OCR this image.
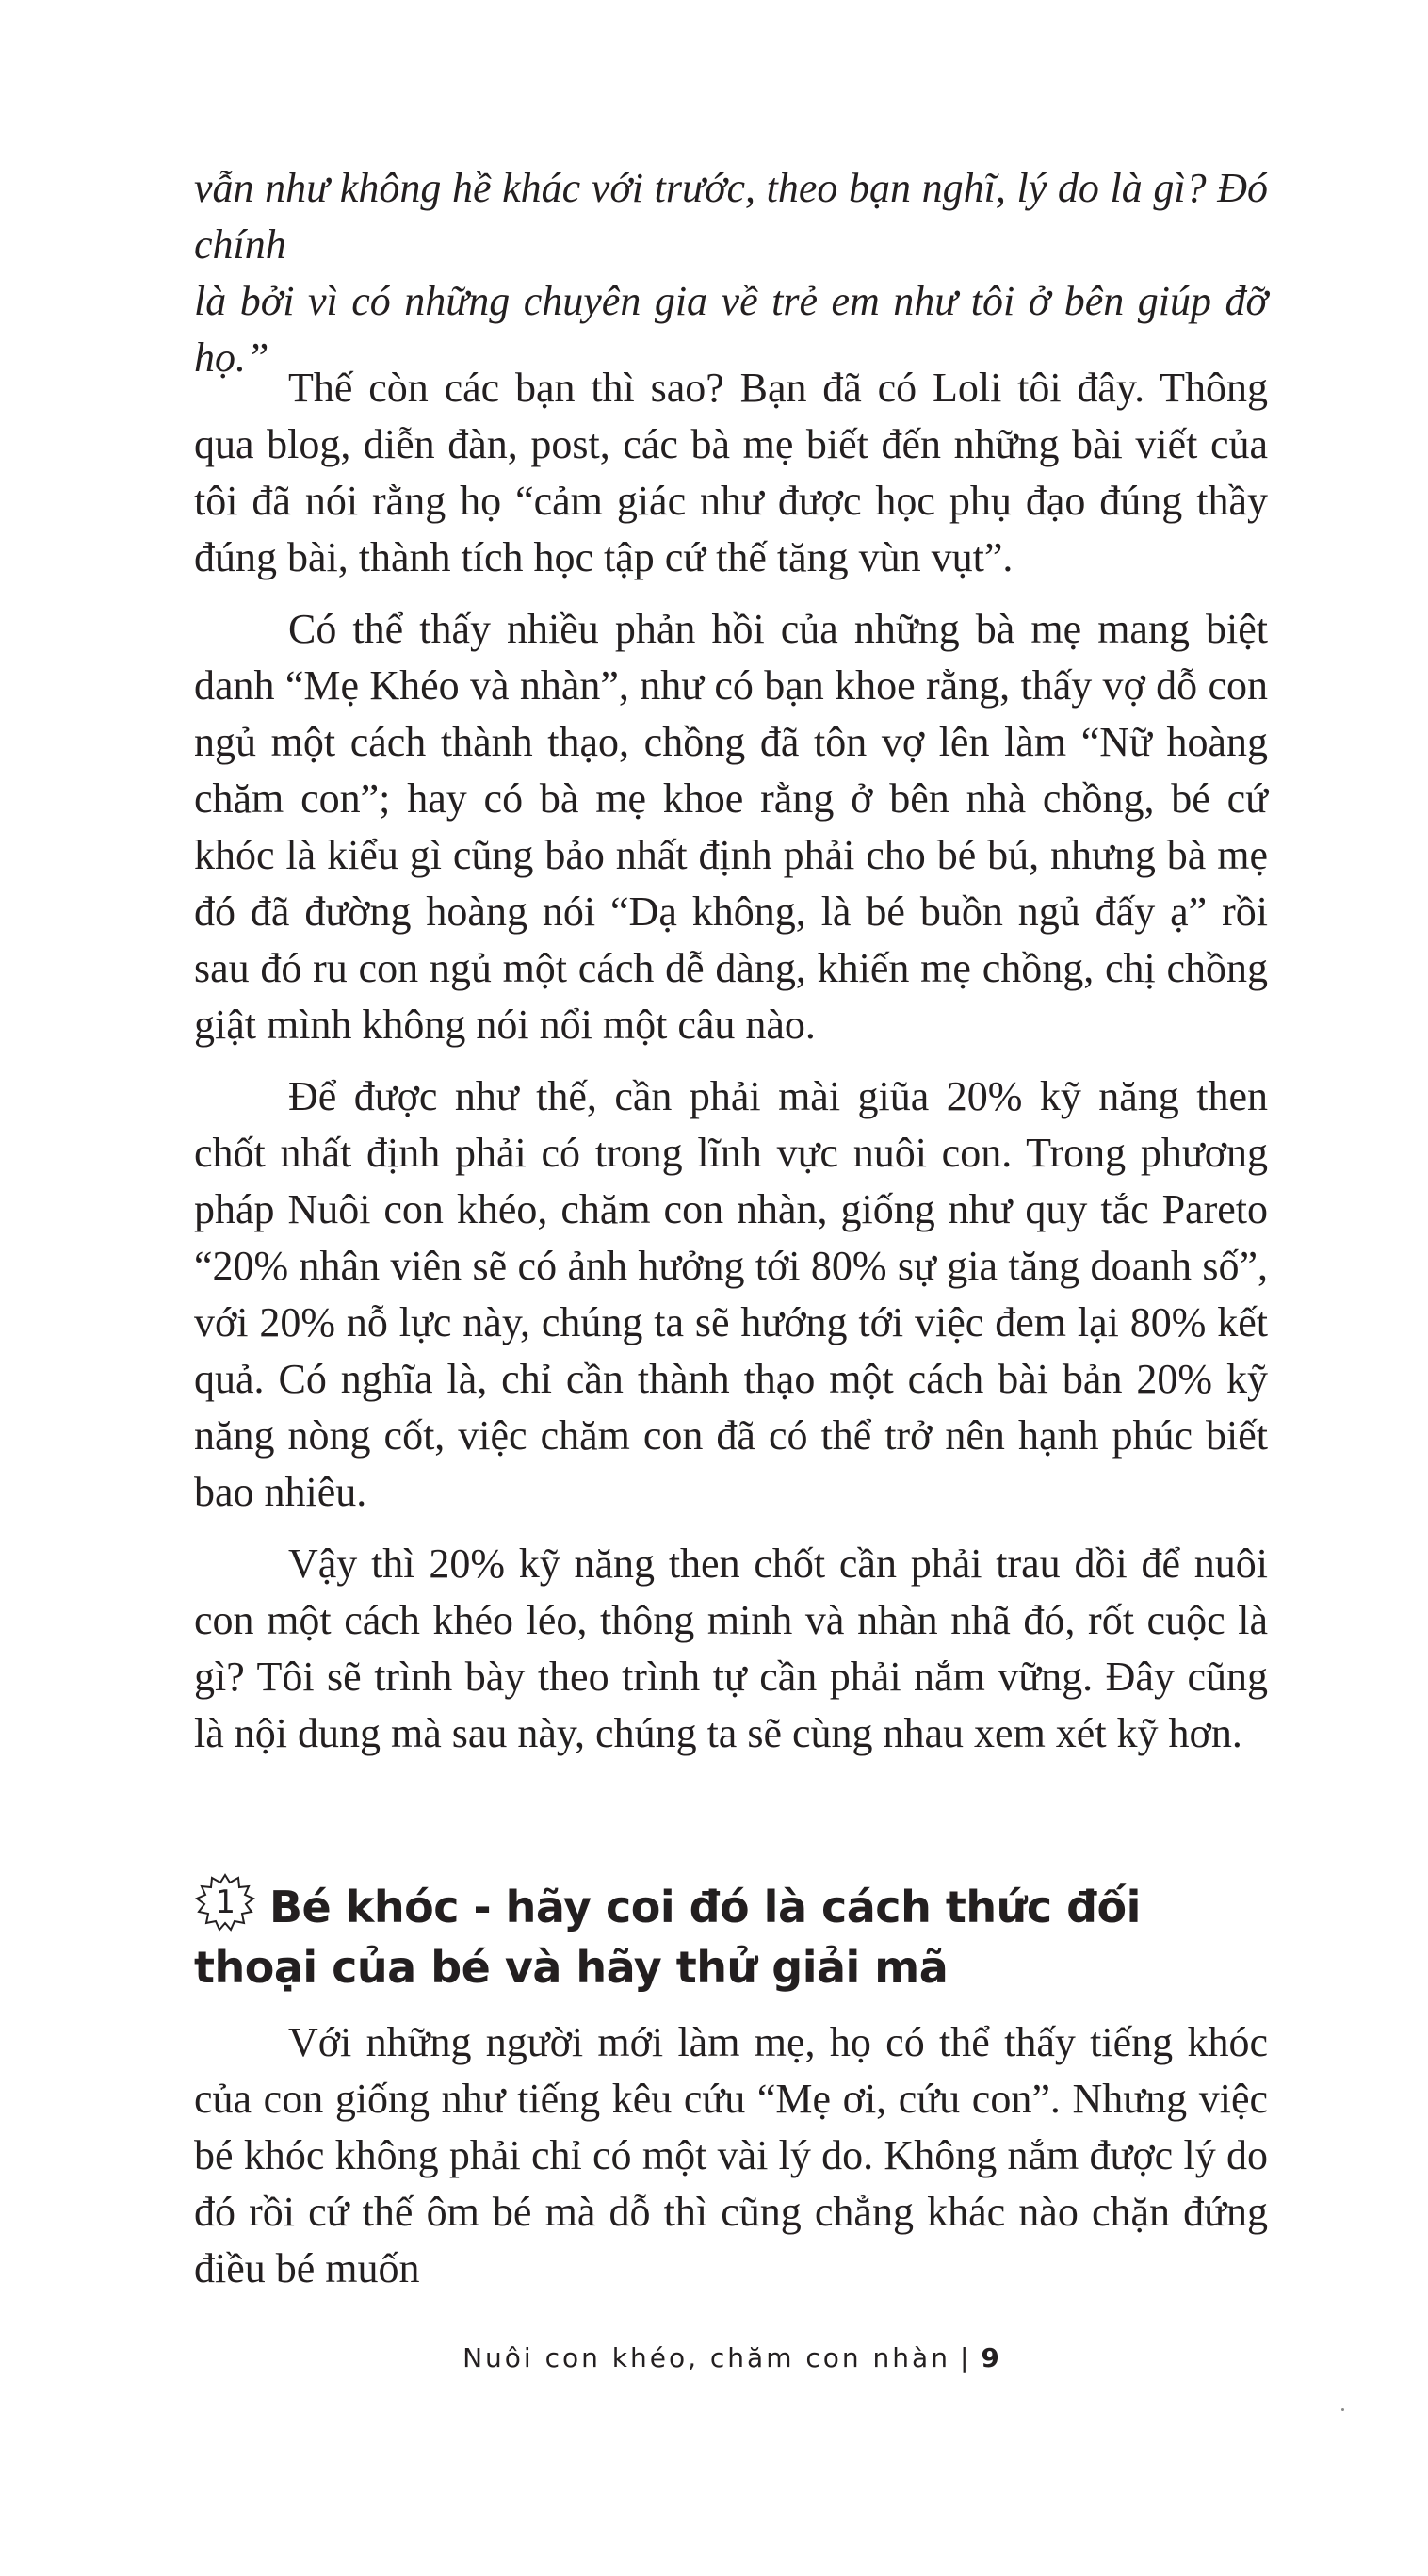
vẫn như không hề khác với trước, theo bạn nghĩ, lý do là gì? Đó chính

là bởi vì có những chuyên gia về trẻ em như tôi ở bên giúp đỡ họ.”

Thế còn các bạn thì sao? Bạn đã có Loli tôi đây. Thông qua blog, diễn đàn, post, các bà mẹ biết đến những bài viết của tôi đã nói rằng họ “cảm giác như được học phụ đạo đúng thầy đúng bài, thành tích học tập cứ thế tăng vùn vụt”.

Có thể thấy nhiều phản hồi của những bà mẹ mang biệt danh “Mẹ Khéo và nhàn”, như có bạn khoe rằng, thấy vợ dỗ con ngủ một cách thành thạo, chồng đã tôn vợ lên làm “Nữ hoàng chăm con”; hay có bà mẹ khoe rằng ở bên nhà chồng, bé cứ khóc là kiểu gì cũng bảo nhất định phải cho bé bú, nhưng bà mẹ đó đã đường hoàng nói “Dạ không, là bé buồn ngủ đấy ạ” rồi sau đó ru con ngủ một cách dễ dàng, khiến mẹ chồng, chị chồng giật mình không nói nổi một câu nào.

Để được như thế, cần phải mài giũa 20% kỹ năng then chốt nhất định phải có trong lĩnh vực nuôi con. Trong phương pháp Nuôi con khéo, chăm con nhàn, giống như quy tắc Pareto “20% nhân viên sẽ có ảnh hưởng tới 80% sự gia tăng doanh số”, với 20% nỗ lực này, chúng ta sẽ hướng tới việc đem lại 80% kết quả. Có nghĩa là, chỉ cần thành thạo một cách bài bản 20% kỹ năng nòng cốt, việc chăm con đã có thể trở nên hạnh phúc biết bao nhiêu.

Vậy thì 20% kỹ năng then chốt cần phải trau dồi để nuôi con một cách khéo léo, thông minh và nhàn nhã đó, rốt cuộc là gì? Tôi sẽ trình bày theo trình tự cần phải nắm vững. Đây cũng là nội dung mà sau này, chúng ta sẽ cùng nhau xem xét kỹ hơn.

1 Bé khóc - hãy coi đó là cách thức đối thoại của bé và hãy thử giải mã

Với những người mới làm mẹ, họ có thể thấy tiếng khóc của con giống như tiếng kêu cứu “Mẹ ơi, cứu con”. Nhưng việc bé khóc không phải chỉ có một vài lý do. Không nắm được lý do đó rồi cứ thế ôm bé mà dỗ thì cũng chẳng khác nào chặn đứng điều bé muốn

Nuôi con khéo, chăm con nhàn | 9
